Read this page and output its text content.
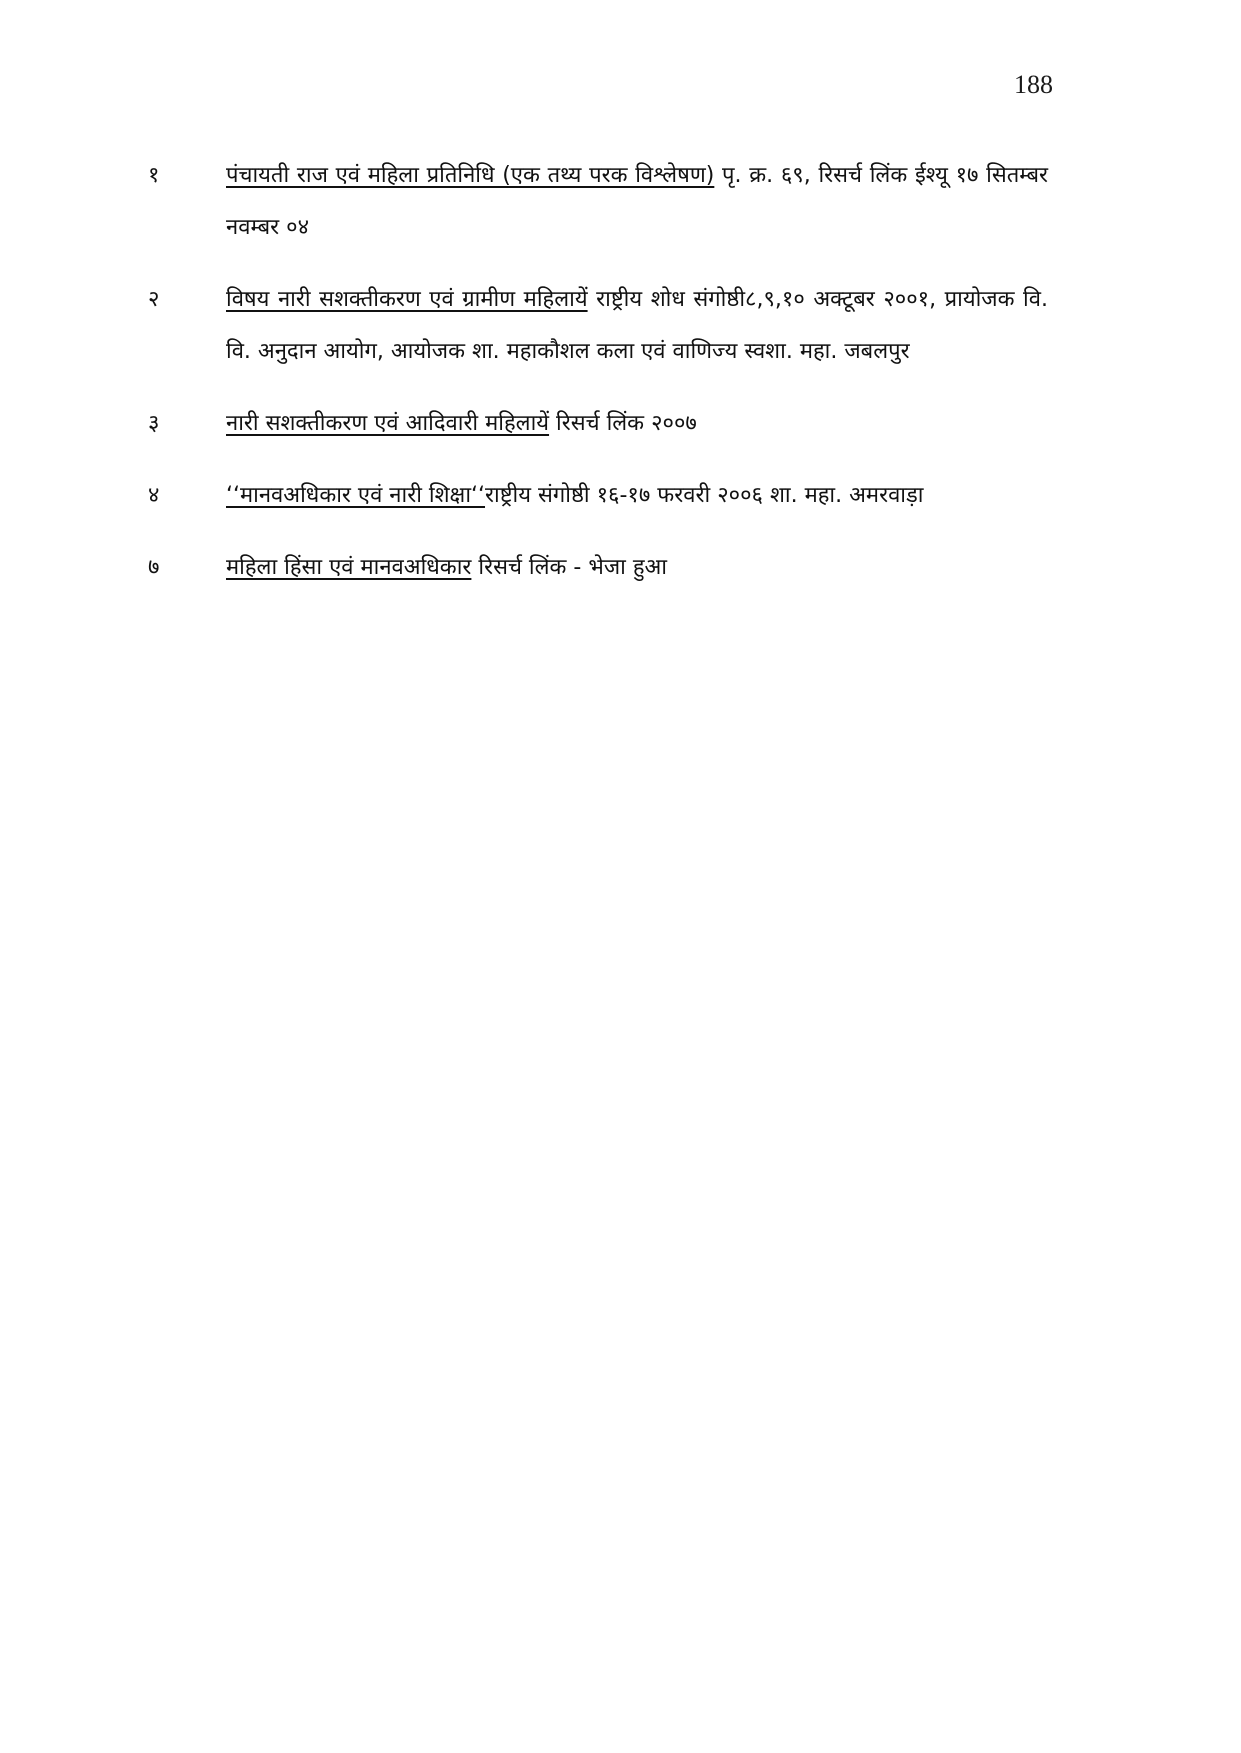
188
१	पंचायती राज एवं महिला प्रतिनिधि (एक तथ्य परक विश्लेषण) पृ. क्र. ६९, रिसर्च लिंक ईश्यू १७ सितम्बर नवम्बर ०४
२	विषय नारी सशक्तीकरण एवं ग्रामीण महिलायें राष्ट्रीय शोध संगोष्ठी८,९,१० अक्टूबर २००१, प्रायोजक वि. वि. अनुदान आयोग, आयोजक शा. महाकौशल कला एवं वाणिज्य स्वशा. महा. जबलपुर
३	नारी सशक्तीकरण एवं आदिवारी महिलायें रिसर्च लिंक २००७
४	‘‘मानवअधिकार एवं नारी शिक्षा‘‘राष्ट्रीय संगोष्ठी १६-१७ फरवरी २००६ शा. महा. अमरवाड़ा
७	महिला हिंसा एवं मानवअधिकार रिसर्च लिंक - भेजा हुआ
